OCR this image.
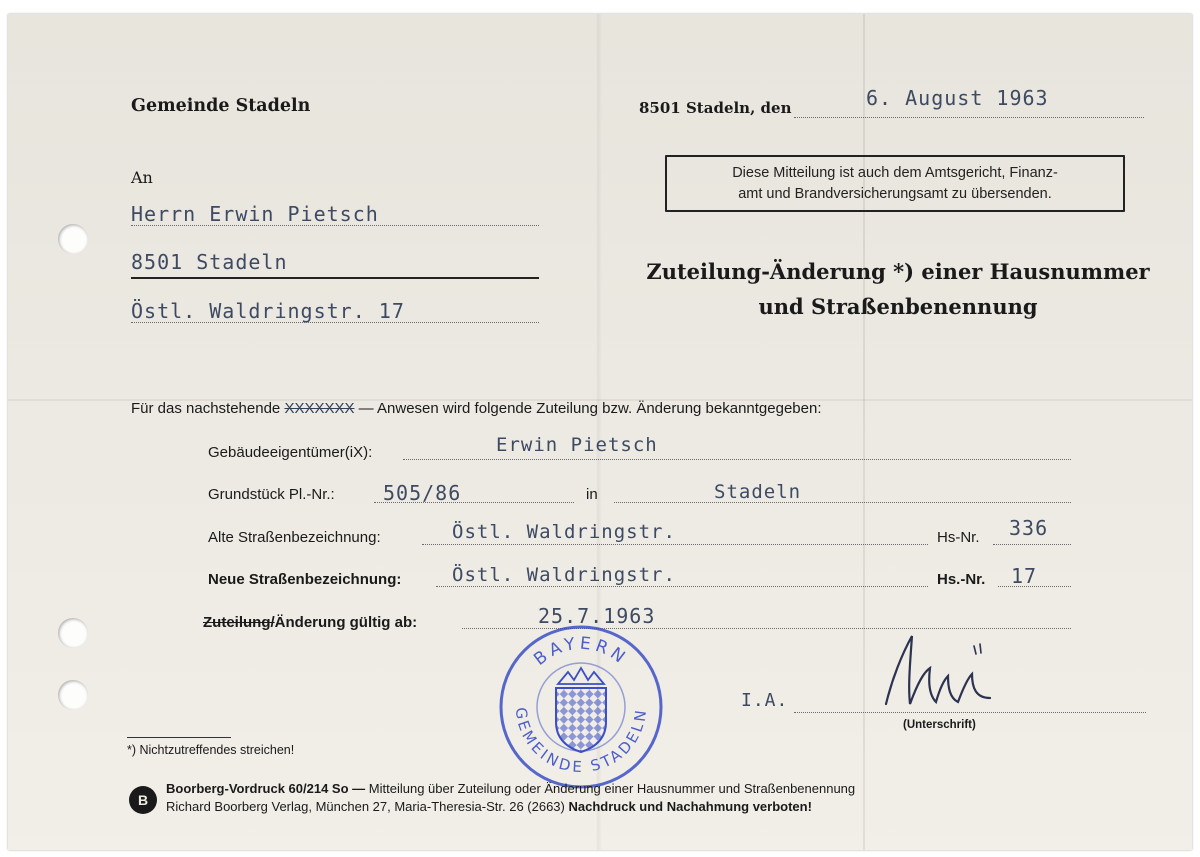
Gemeinde Stadeln	8501 Stadeln, den	6. August 1963
An
Herrn Erwin Pietsch
8501 Stadeln
Östl. Waldringstr. 17
Diese Mitteilung ist auch dem Amtsgericht, Finanz-
amt und Brandversicherungsamt zu übersenden.
Zuteilung-Änderung *) einer Hausnummer
und Straßenbenennung
Für das nachstehende XXXXXXX — Anwesen wird folgende Zuteilung bzw. Änderung bekanntgegeben:
Gebäudeeigentümer(iX):	Erwin Pietsch
Grundstück Pl.-Nr.: 505/86	in	Stadeln
Alte Straßenbezeichnung:	Östl. Waldringstr.	Hs-Nr. 336
Neue Straßenbezeichnung:	Östl. Waldringstr.	Hs.-Nr. 17
Zuteilung/Änderung gültig ab:	25.7.1963
BAYERN
GEMEINDE STADELN
I.A.
(Unterschrift)
*) Nichtzutreffendes streichen!
B
Boorberg-Vordruck 60/214 So — Mitteilung über Zuteilung oder Änderung einer Hausnummer und Straßenbenennung
Richard Boorberg Verlag, München 27, Maria-Theresia-Str. 26 (2663) Nachdruck und Nachahmung verboten!
